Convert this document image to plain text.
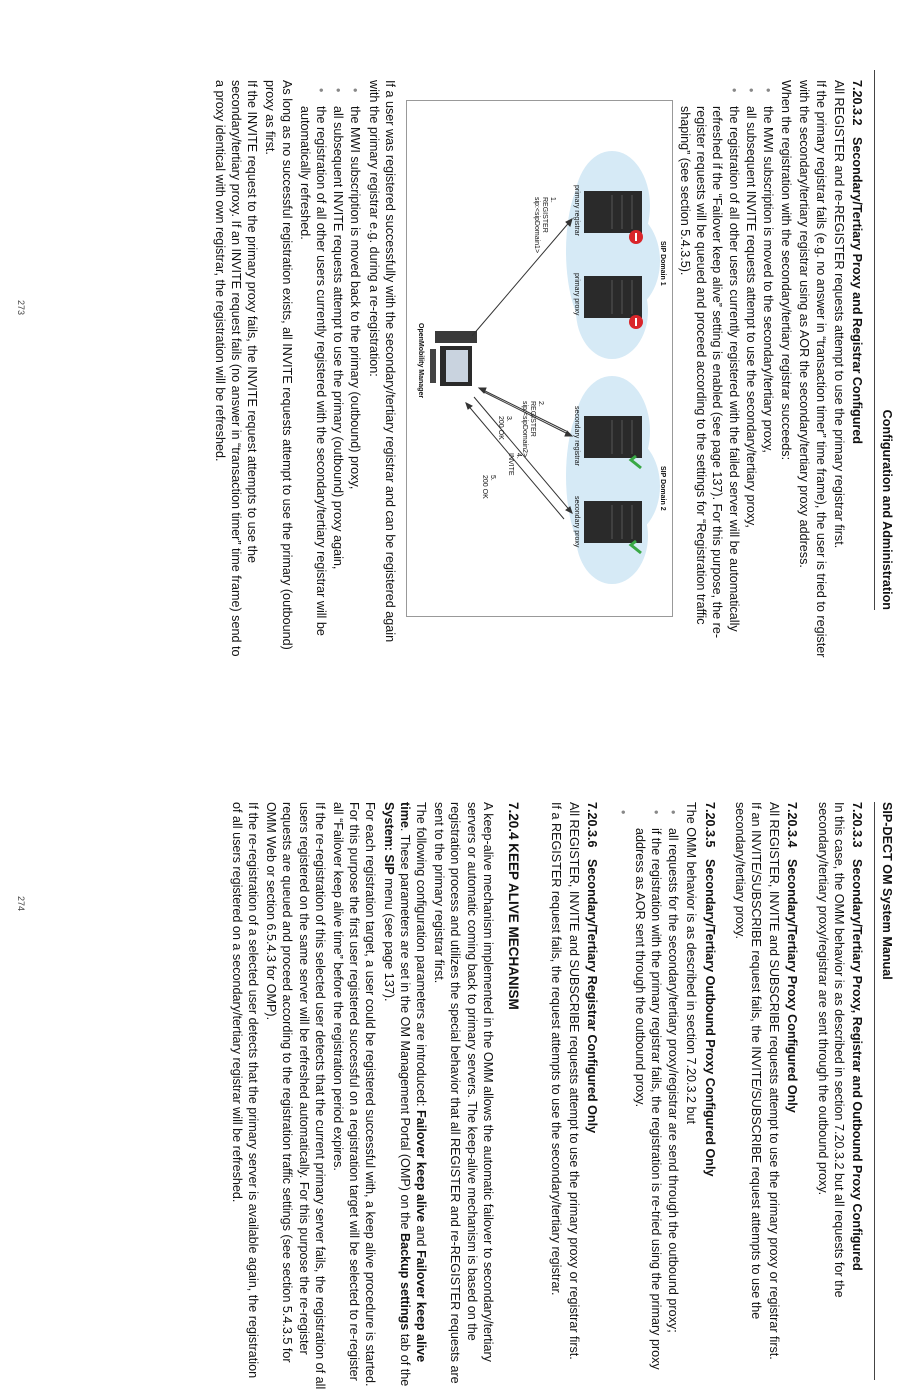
Configuration and Administration
7.20.3.2Secondary/Tertiary Proxy and Registrar Configured

All REGISTER and re-REGISTER requests attempt to use the primary registrar first.

If the primary registrar fails (e.g. no answer in “transaction timer” time frame), the user is tried to register with the secondary/tertiary registrar using as AOR the secondary/tertiary proxy address.

When the registration with the secondary/tertiary registrar succeeds:

• the MWI subscription is moved to the secondary/tertiary proxy,
• all subsequent INVITE requests attempt to use the secondary/tertiary proxy,
• the registration of all other users currently registered with the failed server will be automatically refreshed if the “Failover keep alive” setting is enabled (see page 137). For this purpose, the re-register requests will be queued and proceed according to the settings for “Registration traffic shaping” (see section 5.4.3.5).
SIP Domain 1
SIP Domain 2
primary registrar
primary proxy
secondary registrar
secondary proxy
OpenMobility Manager
1.
REGISTER
sip:<sipDomain1>
2.
REGISTER
sip:<sipDomain2>
3.
200 OK
4.
INVITE
5.
200 OK

If a user was registered successfully with the secondary/tertiary registrar and can be registered again with the primary registrar e.g. during a re-registration:

• the MWI subscription is moved back to the primary (outbound) proxy,
• all subsequent INVITE requests attempt to use the primary (outbound) proxy again,
• the registration of all other users currently registered with the secondary/tertiary registrar will be automatically refreshed.

As long as no successful registration exists, all INVITE requests attempt to use the primary (outbound) proxy as first.

If the INVITE request to the primary proxy fails, the INVITE request attempts to use the secondary/tertiary proxy. If an INVITE request fails (no answer in “transaction timer” time frame) send to a proxy identical with own registrar, the registration will be refreshed.

273
SIP-DECT OM System Manual
7.20.3.3Secondary/Tertiary Proxy, Registrar and Outbound Proxy Configured

In this case, the OMM behavior is as described in section 7.20.3.2 but all requests for the secondary/tertiary proxy/registrar are sent through the outbound proxy.

7.20.3.4Secondary/Tertiary Proxy Configured Only

All REGISTER, INVITE and SUBSCRIBE requests attempt to use the primary proxy or registrar first.

If an INVITE/SUBSCRIBE request fails, the INVITE/SUBSCRIBE request attempts to use the secondary/tertiary proxy.

7.20.3.5Secondary/Tertiary Outbound Proxy Configured Only

The OMM behavior is as described in section 7.20.3.2 but

• all requests for the secondary/tertiary proxy/registrar are send through the outbound proxy;
• if the registration with the primary registrar fails, the registration is re-tried using the primary proxy address as AOR sent through the outbound proxy.
•
7.20.3.6Secondary/Tertiary Registrar Configured Only

All REGISTER, INVITE and SUBSCRIBE requests attempt to use the primary proxy or registrar first.

If a REGISTER request fails, the request attempts to use the secondary/tertiary registrar.

7.20.4 KEEP ALIVE MECHANISM

A keep-alive mechanism implemented in the OMM allows the automatic failover to secondary/tertiary servers or automatic coming back to primary servers. The keep-alive mechanism is based on the registration process and utilizes the special behavior that all REGISTER and re-REGISTER requests are sent to the primary registrar first.

The following configuration parameters are introduced: Failover keep alive and Failover keep alive time. These parameters are set in the OM Management Portal (OMP) on the Backup settings tab of the System: SIP menu (see page 137).

For each registration target, a user could be registered successful with, a keep alive procedure is started. For this purpose the first user registered successful on a registration target will be selected to re-register all “Failover keep alive time” before the registration period expires.

If the re-registration of this selected user detects that the current primary server fails, the registration of all users registered on the same server will be refreshed automatically. For this purpose the re-register requests are queued and proceed according to the registration traffic settings (see section 5.4.3.5 for OMM Web or section 6.5.4.3 for OMP).

If the re-registration of a selected user detects that the primary server is available again, the registration of all users registered on a secondary/tertiary registrar will be refreshed.

274
